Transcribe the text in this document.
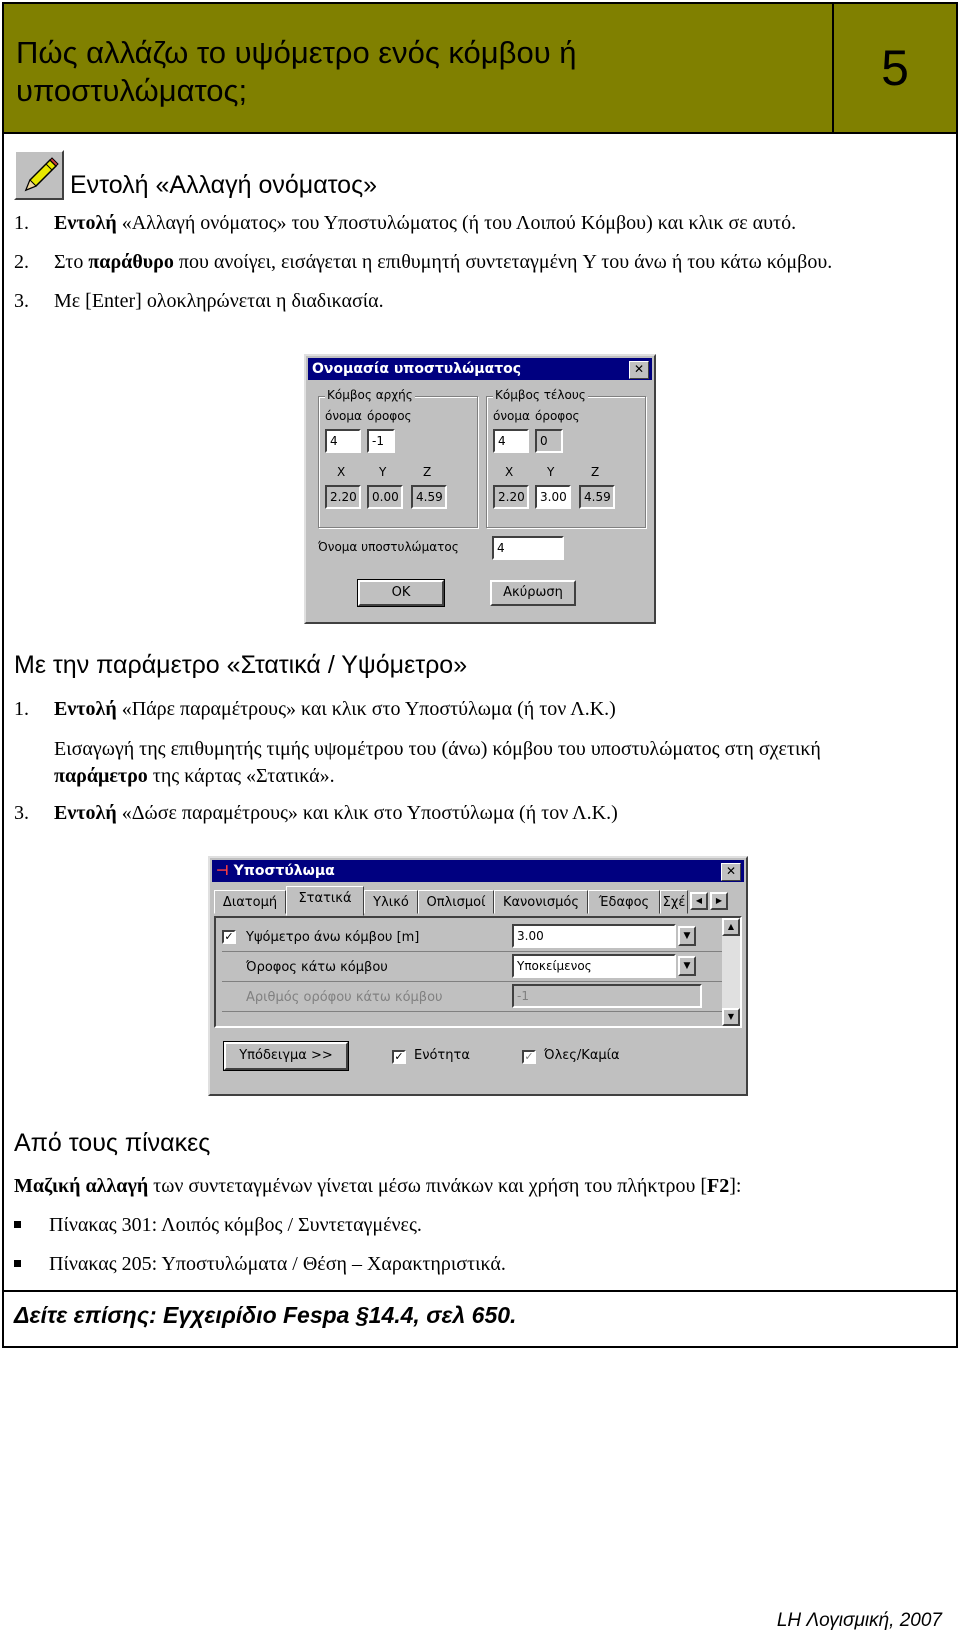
Πώς αλλάζω το υψόμετρο ενός κόμβου ή
υποστυλώματος;	5
Εντολή «Αλλαγή ονόματος»
1. Εντολή «Αλλαγή ονόματος» του Υποστυλώματος (ή του Λοιπού Κόμβου) και κλικ σε αυτό.
2. Στο παράθυρο που ανοίγει, εισάγεται η επιθυμητή συντεταγμένη Y του άνω ή του κάτω κόμβου.
3. Με [Enter] ολοκληρώνεται η διαδικασία.
Ονομασία υποστυλώματος	✕
Κόμβος αρχής
όνομα όροφος
4	-1
X	Y	Z
2.20	0.00	4.59
Κόμβος τέλους
όνομα όροφος
4	0
X	Y	Z
2.20	3.00	4.59
Όνομα υποστυλώματος	4
OK	Ακύρωση
Με την παράμετρο «Στατικά / Υψόμετρο»
1. Εντολή «Πάρε παραμέτρους» και κλικ στο Υποστύλωμα (ή τον Λ.Κ.)
Εισαγωγή της επιθυμητής τιμής υψομέτρου του (άνω) κόμβου του υποστυλώματος στη σχετική
παράμετρο της κάρτας «Στατικά».
3. Εντολή «Δώσε παραμέτρους» και κλικ στο Υποστύλωμα (ή τον Λ.Κ.)
⊣ Υποστύλωμα	✕
Διατομή	Στατικά	Υλικό	Οπλισμοί	Κανονισμός	Έδαφος	Σχέ	◀	▶
✓ Υψόμετρο άνω κόμβου [m]	3.00	▼
Όροφος κάτω κόμβου	Υποκείμενος	▼
Αριθμός ορόφου κάτω κόμβου	-1
▲
▼
Υπόδειγμα >>	✓ Ενότητα	✓ Όλες/Καμία
Από τους πίνακες
Μαζική αλλαγή των συντεταγμένων γίνεται μέσω πινάκων και χρήση του πλήκτρου [F2]:
Πίνακας 301: Λοιπός κόμβος / Συντεταγμένες.
Πίνακας 205: Υποστυλώματα / Θέση – Χαρακτηριστικά.
Δείτε επίσης: Εγχειρίδιο Fespa §14.4, σελ 650.
LH Λογισμική, 2007
